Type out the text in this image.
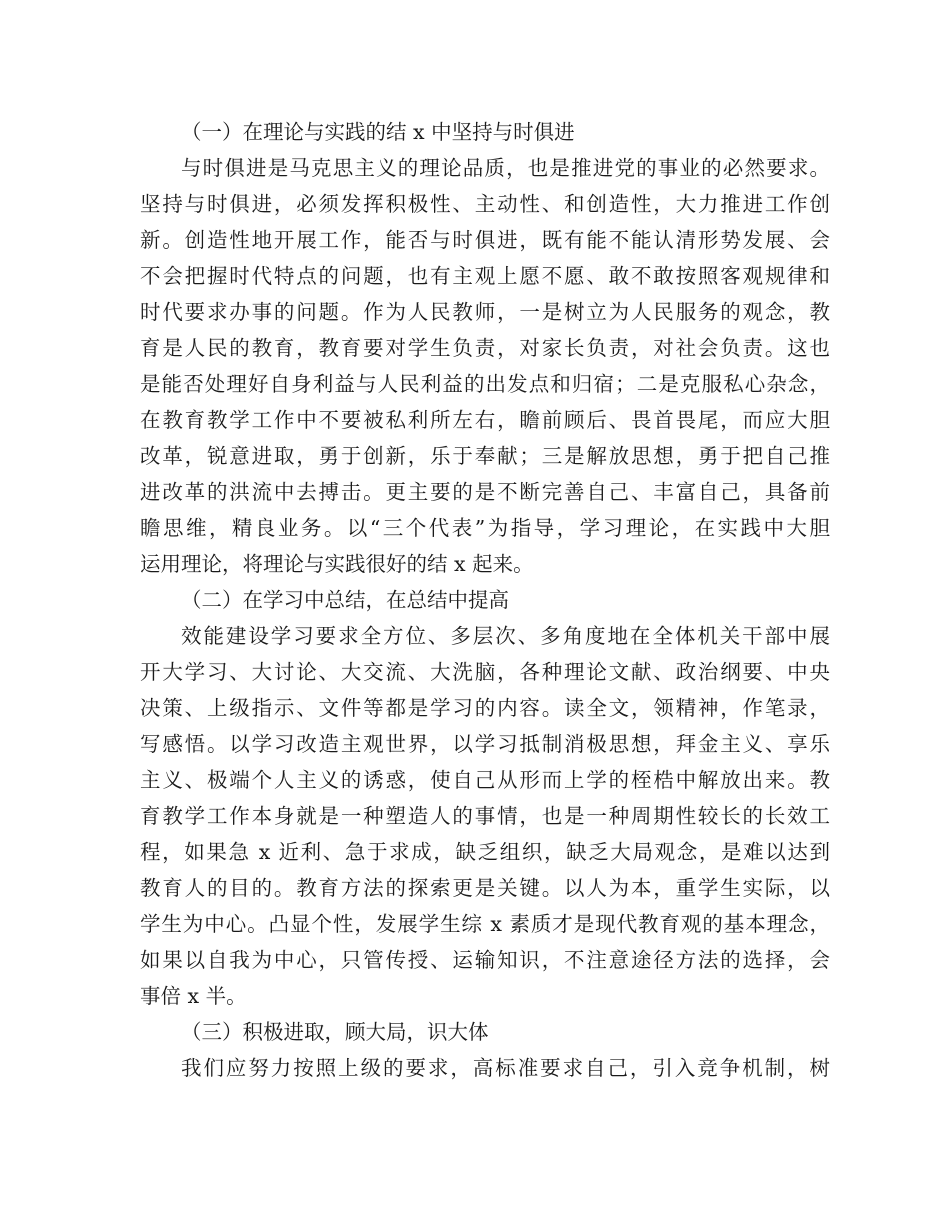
（一）在理论与实践的结 x 中坚持与时俱进
与时俱进是马克思主义的理论品质，也是推进党的事业的必然要求。
坚持与时俱进，必须发挥积极性、主动性、和创造性，大力推进工作创
新。创造性地开展工作，能否与时俱进，既有能不能认清形势发展、会
不会把握时代特点的问题，也有主观上愿不愿、敢不敢按照客观规律和
时代要求办事的问题。作为人民教师，一是树立为人民服务的观念，教
育是人民的教育，教育要对学生负责，对家长负责，对社会负责。这也
是能否处理好自身利益与人民利益的出发点和归宿；二是克服私心杂念，
在教育教学工作中不要被私利所左右，瞻前顾后、畏首畏尾，而应大胆
改革，锐意进取，勇于创新，乐于奉献；三是解放思想，勇于把自己推
进改革的洪流中去搏击。更主要的是不断完善自己、丰富自己，具备前
瞻思维，精良业务。以“三个代表”为指导，学习理论，在实践中大胆
运用理论，将理论与实践很好的结 x 起来。
（二）在学习中总结，在总结中提高
效能建设学习要求全方位、多层次、多角度地在全体机关干部中展
开大学习、大讨论、大交流、大洗脑，各种理论文献、政治纲要、中央
决策、上级指示、文件等都是学习的内容。读全文，领精神，作笔录，
写感悟。以学习改造主观世界，以学习抵制消极思想，拜金主义、享乐
主义、极端个人主义的诱惑，使自己从形而上学的桎梏中解放出来。教
育教学工作本身就是一种塑造人的事情，也是一种周期性较长的长效工
程，如果急 x 近利、急于求成，缺乏组织，缺乏大局观念，是难以达到
教育人的目的。教育方法的探索更是关键。以人为本，重学生实际，以
学生为中心。凸显个性，发展学生综 x 素质才是现代教育观的基本理念，
如果以自我为中心，只管传授、运输知识，不注意途径方法的选择，会
事倍 x 半。
（三）积极进取，顾大局，识大体
我们应努力按照上级的要求，高标准要求自己，引入竞争机制，树
